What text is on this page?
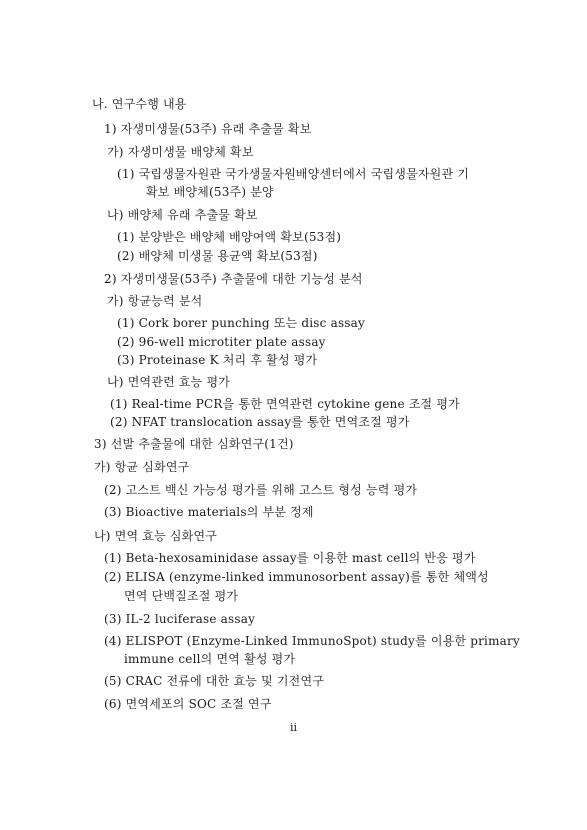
나. 연구수행 내용
1) 자생미생물(53주) 유래 추출물 확보
가) 자생미생물 배양체 확보
(1) 국립생물자원관 국가생물자원배양센터에서 국립생물자원관 기
확보 배양체(53주) 분양
나) 배양체 유래 추출물 확보
(1) 분양받은 배양체 배양여액 확보(53점)
(2) 배양체 미생물 용균액 확보(53점)
2) 자생미생물(53주) 추출물에 대한 기능성 분석
가) 항균능력 분석
(1) Cork borer punching 또는 disc assay
(2) 96-well microtiter plate assay
(3) Proteinase K 처리 후 활성 평가
나) 면역관련 효능 평가
(1) Real-time PCR을 통한 면역관련 cytokine gene 조절 평가
(2) NFAT translocation assay를 통한 면역조절 평가
3) 선발 추출물에 대한 심화연구(1건)
가) 항균 심화연구
(2) 고스트 백신 가능성 평가를 위해 고스트 형성 능력 평가
(3) Bioactive materials의 부분 정제
나) 면역 효능 심화연구
(1) Beta-hexosaminidase assay를 이용한 mast cell의 반응 평가
(2) ELISA (enzyme-linked immunosorbent assay)를 통한 체액성
면역 단백질조절 평가
(3) IL-2 luciferase assay
(4) ELISPOT (Enzyme-Linked ImmunoSpot) study를 이용한 primary
immune cell의 면역 활성 평가
(5) CRAC 전류에 대한 효능 및 기전연구
(6) 면역세포의 SOC 조절 연구
ii
